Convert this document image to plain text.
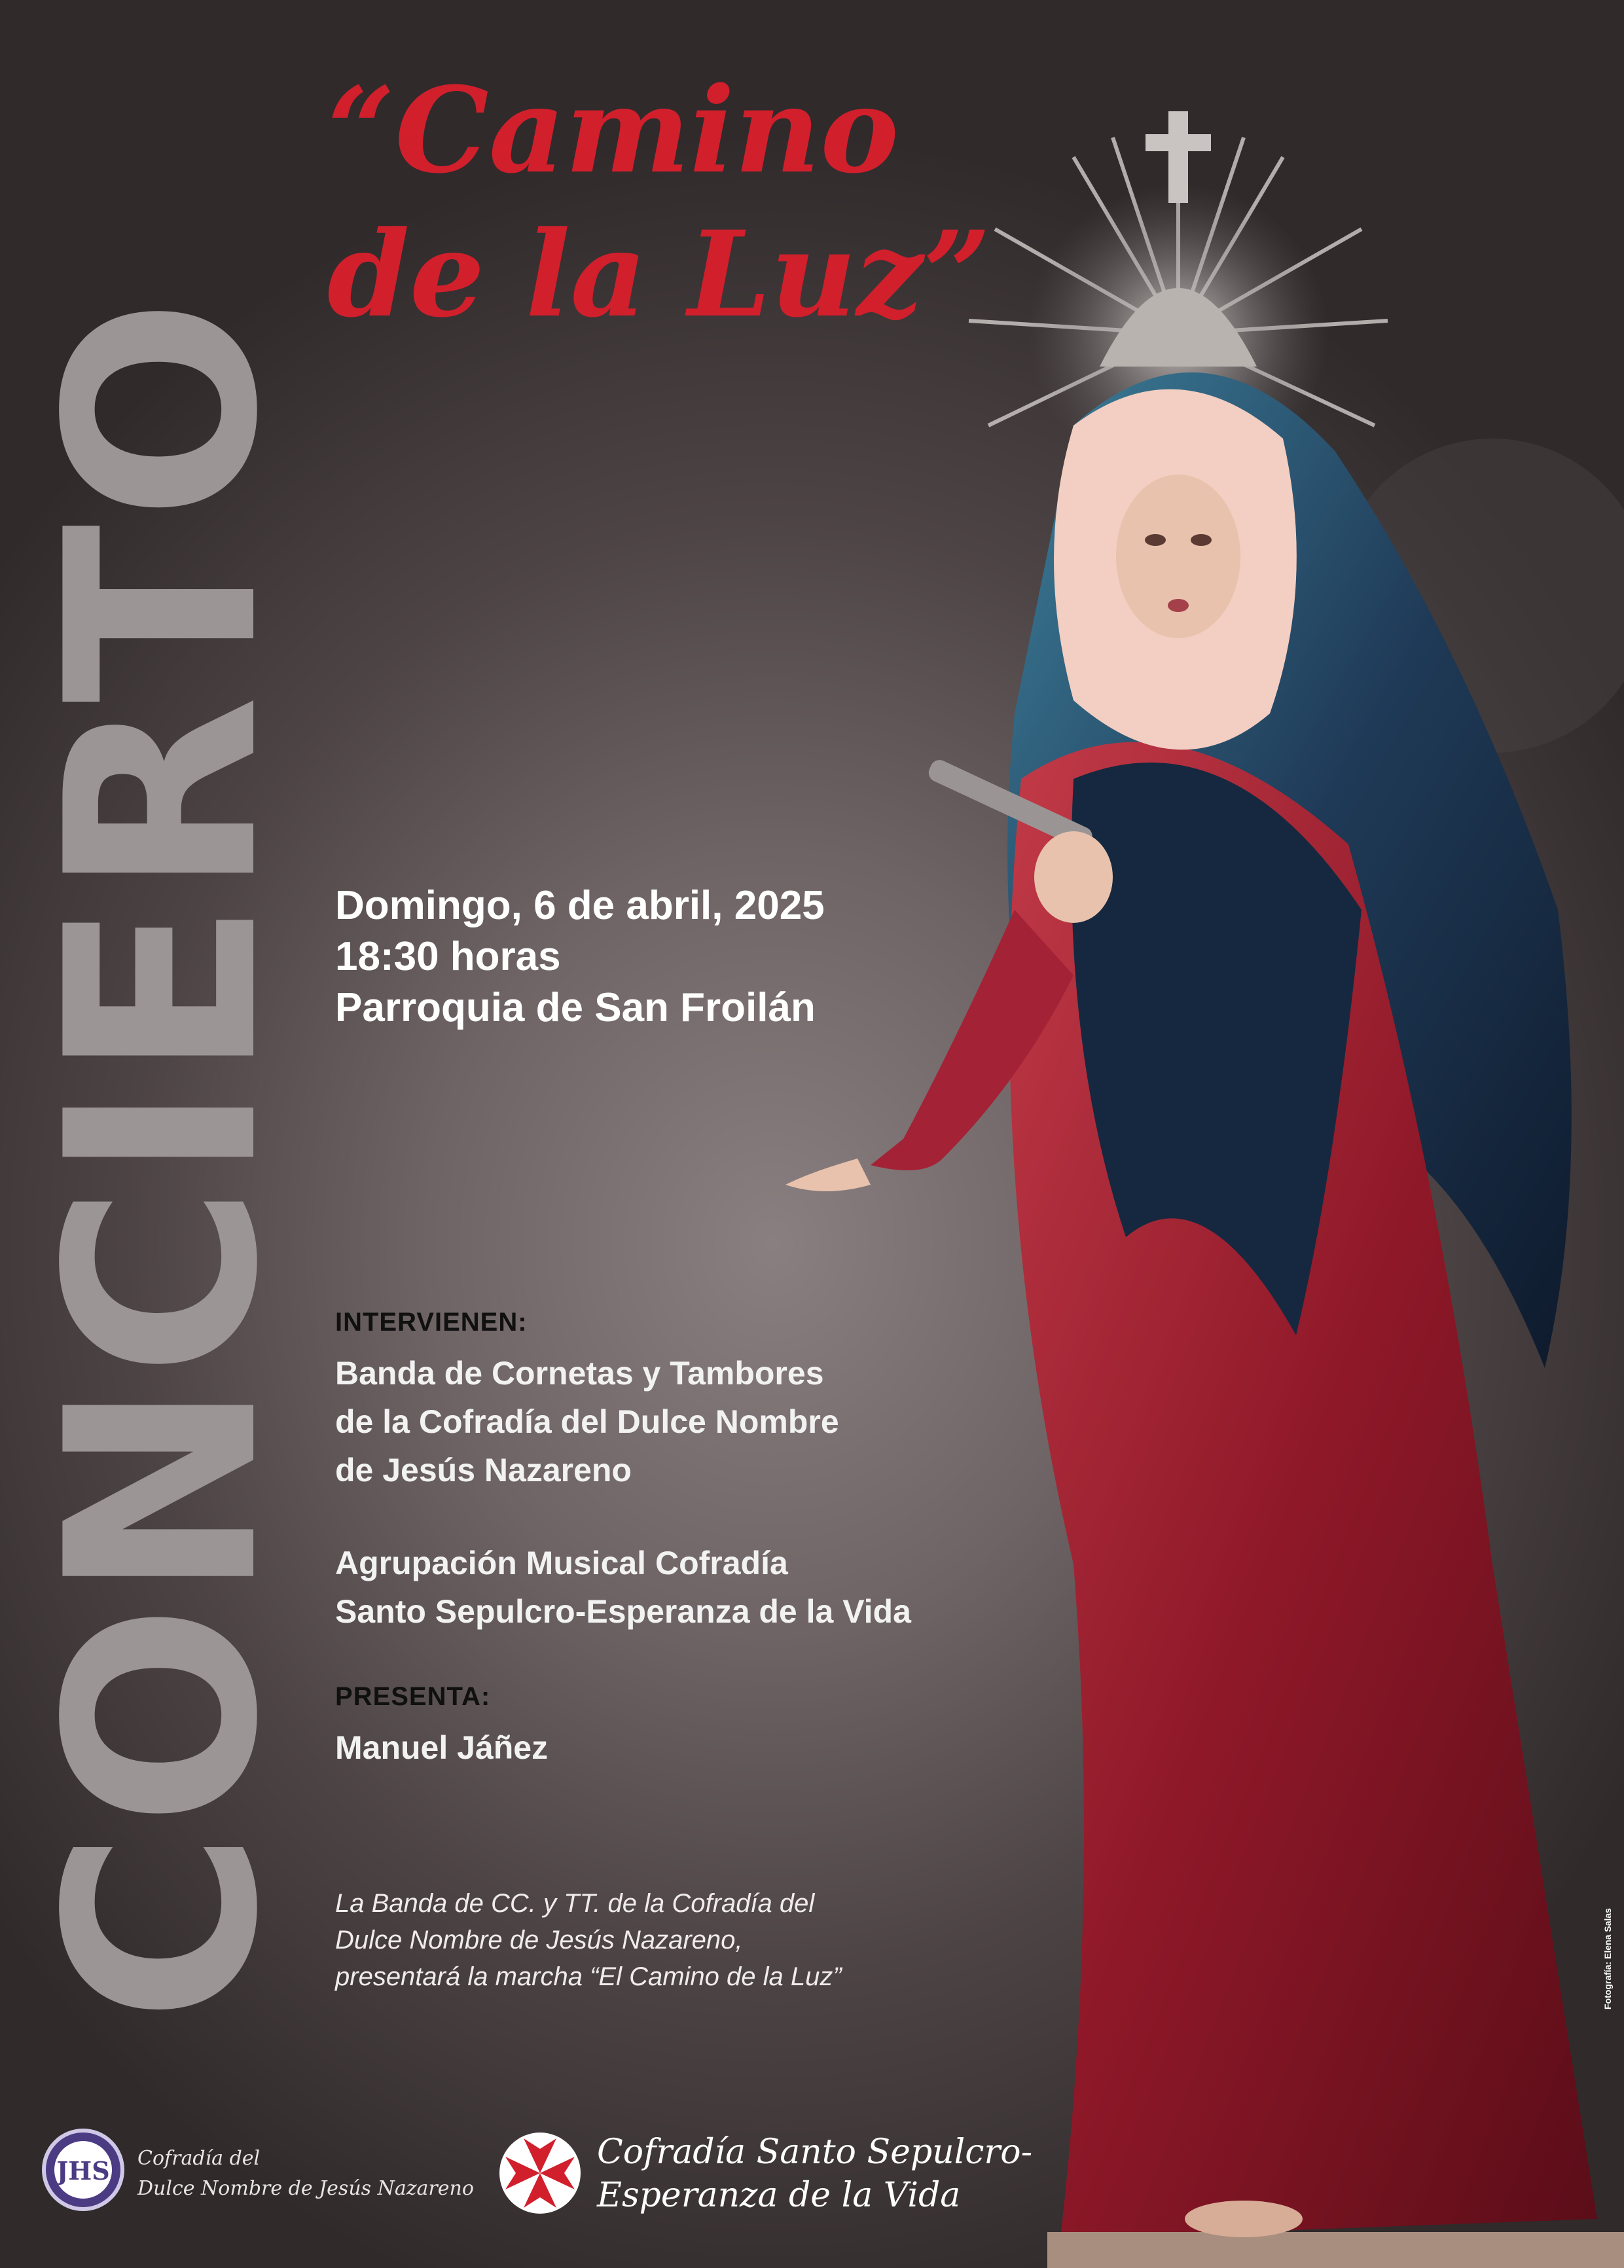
CONCIERTO
“Camino
de la Luz”
Domingo, 6 de abril, 2025
18:30 horas
Parroquia de San Froilán
INTERVIENEN:
Banda de Cornetas y Tambores
de la Cofradía del Dulce Nombre
de Jesús Nazareno
Agrupación Musical Cofradía
Santo Sepulcro-Esperanza de la Vida
PRESENTA:
Manuel Jáñez
La Banda de CC. y TT. de la Cofradía del
Dulce Nombre de Jesús Nazareno,
presentará la marcha “El Camino de la Luz”	Fotografía: Elena Salas
JHS Cofradía del
Dulce Nombre de Jesús Nazareno
Cofradía Santo Sepulcro-
Esperanza de la Vida
